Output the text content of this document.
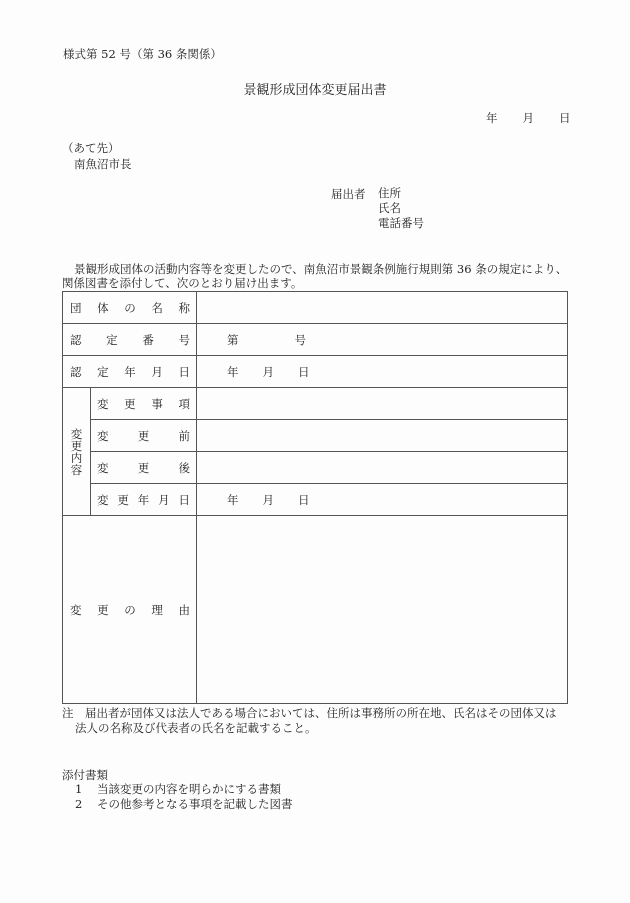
様式第 52 号（第 36 条関係）
景観形成団体変更届出書
年 月 日
（あて先）
南魚沼市長
届出者 住所
氏名
電話番号
景観形成団体の活動内容等を変更したので、南魚沼市景観条例施行規則第 36 条の規定により、関係図書を添付して、次のとおり届け出ます。
団体の名称		
認定番号		第 号
認定年月日		年 月 日
変更内容	変更事項	
	変更前	
	変更後	
	変更年月日	年 月 日
変更の理由		
注　届出者が団体又は法人である場合においては、住所は事務所の所在地、氏名はその団体又は
法人の名称及び代表者の氏名を記載すること。
添付書類
1 当該変更の内容を明らかにする書類
2 その他参考となる事項を記載した図書
